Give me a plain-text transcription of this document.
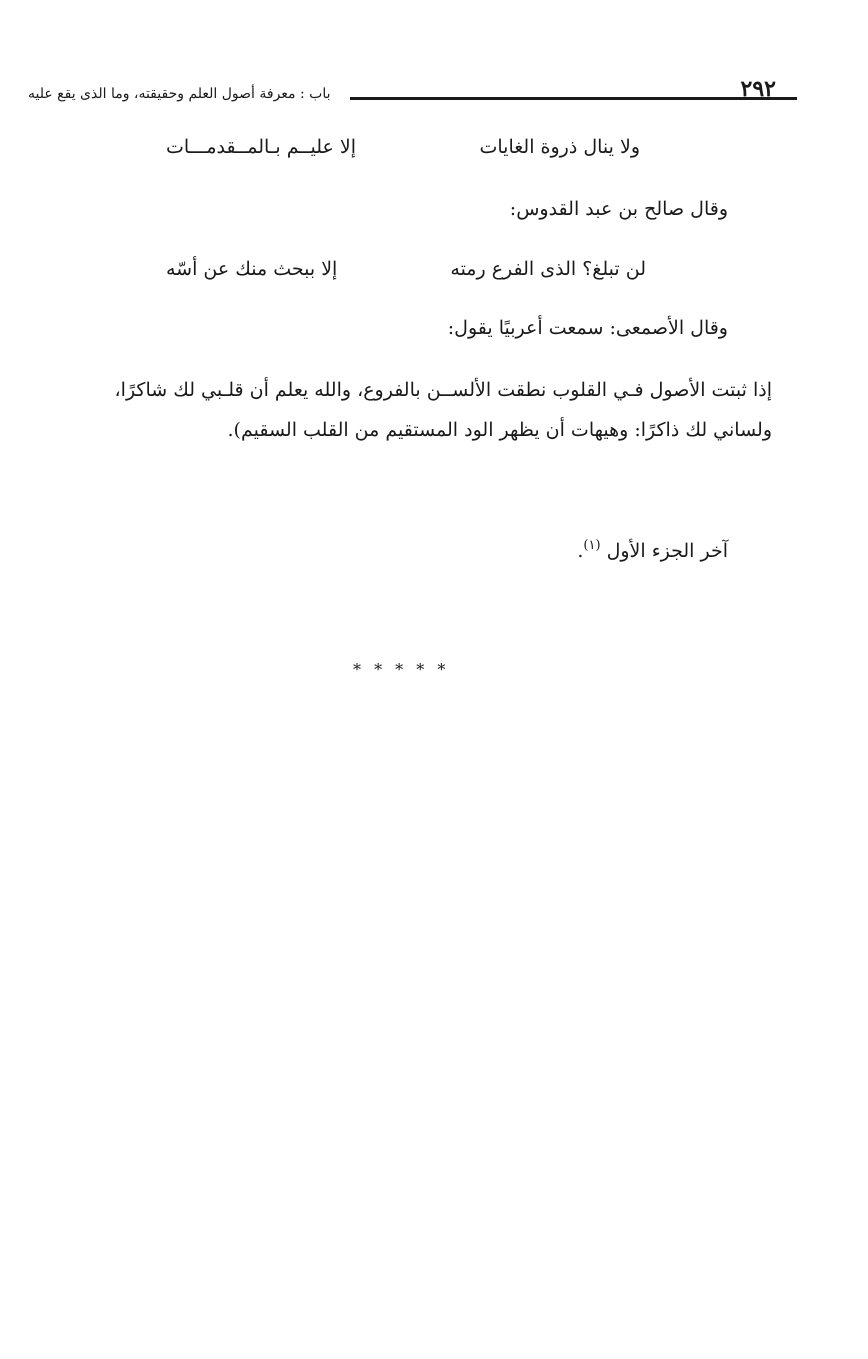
٢٩٢
باب : معرفة أصول العلم وحقيقته، وما الذى يقع عليه
ولا ينال ذروة الغايات
إلا عليــم بـالمــقدمـــات
وقال صالح بن عبد القدوس:
لن تبلغ؟ الذى الفرع رمته
إلا ببحث منك عن أسّه
وقال الأصمعى: سمعت أعربيًا يقول:
إذا ثبتت الأصول فـي القلوب نطقت الألســن بالفروع، والله يعلم أن قلـبي لك شاكرًا،
ولساني لك ذاكرًا: وهيهات أن يظهر الود المستقيم من القلب السقيم).
آخر الجزء الأول $^{(١)}$.
* * * * *
